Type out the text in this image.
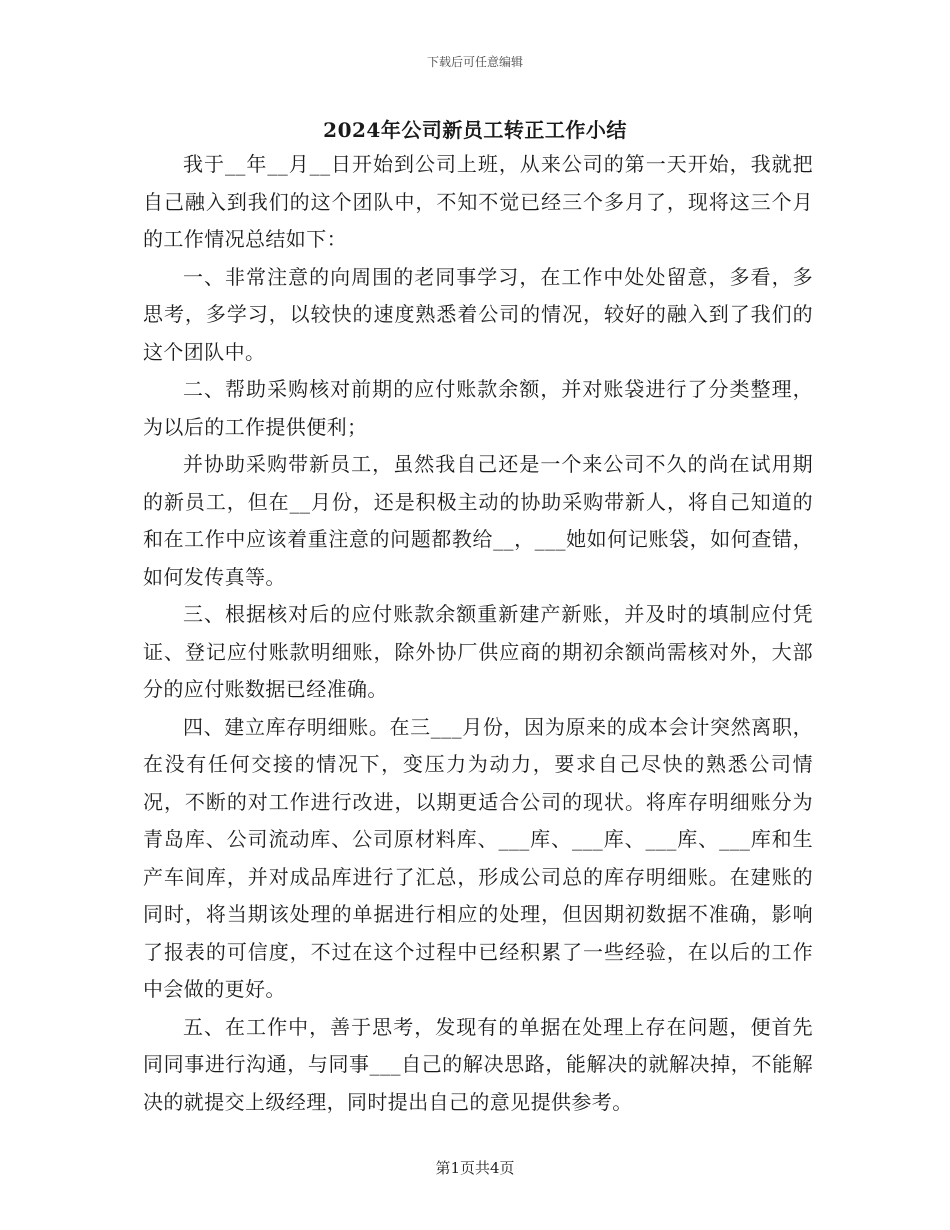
下载后可任意编辑
2024年公司新员工转正工作小结

我于__年__月__日开始到公司上班，从来公司的第一天开始，我就把自己融入到我们的这个团队中，不知不觉已经三个多月了，现将这三个月的工作情况总结如下：

一、非常注意的向周围的老同事学习，在工作中处处留意，多看，多思考，多学习，以较快的速度熟悉着公司的情况，较好的融入到了我们的这个团队中。

二、帮助采购核对前期的应付账款余额，并对账袋进行了分类整理，为以后的工作提供便利；

并协助采购带新员工，虽然我自己还是一个来公司不久的尚在试用期的新员工，但在__月份，还是积极主动的协助采购带新人，将自己知道的和在工作中应该着重注意的问题都教给__，___她如何记账袋，如何查错，如何发传真等。

三、根据核对后的应付账款余额重新建产新账，并及时的填制应付凭证、登记应付账款明细账，除外协厂供应商的期初余额尚需核对外，大部分的应付账数据已经准确。

四、建立库存明细账。在三___月份，因为原来的成本会计突然离职，在没有任何交接的情况下，变压力为动力，要求自己尽快的熟悉公司情况，不断的对工作进行改进，以期更适合公司的现状。将库存明细账分为青岛库、公司流动库、公司原材料库、___库、___库、___库、___库和生产车间库，并对成品库进行了汇总，形成公司总的库存明细账。在建账的同时，将当期该处理的单据进行相应的处理，但因期初数据不准确，影响了报表的可信度，不过在这个过程中已经积累了一些经验，在以后的工作中会做的更好。

五、在工作中，善于思考，发现有的单据在处理上存在问题，便首先同同事进行沟通，与同事___自己的解决思路，能解决的就解决掉，不能解决的就提交上级经理，同时提出自己的意见提供参考。

第1页共4页
